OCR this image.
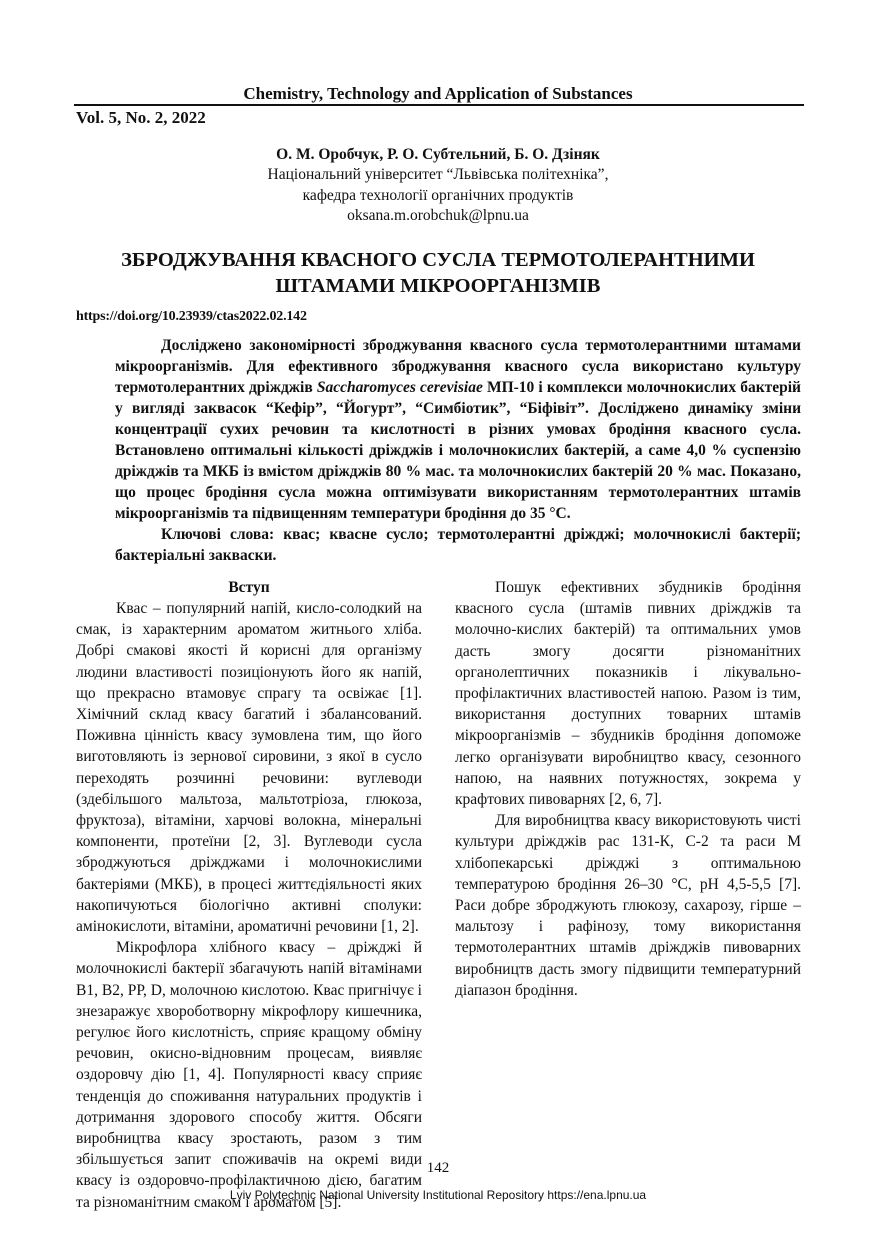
Chemistry, Technology and Application of Substances
Vol. 5, No. 2, 2022
О. М. Оробчук, Р. О. Субтельний, Б. О. Дзіняк
Національний університет “Львівська політехніка”,
кафедра технології органічних продуктів
oksana.m.orobchuk@lpnu.ua
ЗБРОДЖУВАННЯ КВАСНОГО СУСЛА ТЕРМОТОЛЕРАНТНИМИ
ШТАМАМИ МІКРООРГАНІЗМІВ
https://doi.org/10.23939/ctas2022.02.142

Досліджено закономірності зброджування квасного сусла термотолерантними штамами мікроорганізмів. Для ефективного зброджування квасного сусла використано культуру термотолерантних дріжджів Saccharomyces cerevisiae МП-10 і комплекси молочнокислих бактерій у вигляді заквасок “Кефір”, “Йогурт”, “Симбіотик”, “Біфівіт”. Досліджено динаміку зміни концентрації сухих речовин та кислотності в різних умовах бродіння квасного сусла. Встановлено оптимальні кількості дріжджів і молочнокислих бактерій, а саме 4,0 % суспензію дріжджів та МКБ із вмістом дріжджів 80 % мас. та молочнокислих бактерій 20 % мас. Показано, що процес бродіння сусла можна оптимізувати використанням термотолерантних штамів мікроорганізмів та підвищенням температури бродіння до 35 °С.

Ключові слова: квас; квасне сусло; термотолерантні дріжджі; молочнокислі бактерії; бактеріальні закваски.

Вступ

Квас – популярний напій, кисло-солодкий на смак, із характерним ароматом житнього хліба. Добрі смакові якості й корисні для організму людини властивості позиціонують його як напій, що прекрасно втамовує спрагу та освіжає [1]. Хімічний склад квасу багатий і збалансований. Поживна цінність квасу зумовлена тим, що його виготовляють із зернової сировини, з якої в сусло переходять розчинні речовини: вуглеводи (здебільшого мальтоза, мальтотріоза, глюкоза, фруктоза), вітаміни, харчові волокна, мінеральні компоненти, протеїни [2, 3]. Вуглеводи сусла зброджуються дріжджами і молочнокислими бактеріями (МКБ), в процесі життєдіяльності яких накопичуються біологічно активні сполуки: амінокислоти, вітаміни, ароматичні речовини [1, 2].

Мікрофлора хлібного квасу – дріжджі й молочнокислі бактерії збагачують напій вітамінами В1, В2, РР, D, молочною кислотою. Квас пригнічує і знезаражує хвороботворну мікрофлору кишечника, регулює його кислотність, сприяє кращому обміну речовин, окисно-відновним процесам, виявляє оздоровчу дію [1, 4]. Популярності квасу сприяє тенденція до споживання натуральних продуктів і дотримання здорового способу життя. Обсяги виробництва квасу зростають, разом з тим збільшується запит споживачів на окремі види квасу із оздоровчо-профілактичною дією, багатим та різноманітним смаком і ароматом [5].

Пошук ефективних збудників бродіння квасного сусла (штамів пивних дріжджів та молочно-кислих бактерій) та оптимальних умов дасть змогу досягти різноманітних органолептичних показників і лікувально-профілактичних властивостей напою. Разом із тим, використання доступних товарних штамів мікроорганізмів – збудників бродіння допоможе легко організувати виробництво квасу, сезонного напою, на наявних потужностях, зокрема у крафтових пивоварнях [2, 6, 7].

Для виробництва квасу використовують чисті культури дріжджів рас 131-К, С-2 та раси М хлібопекарські дріжджі з оптимальною температурою бродіння 26–30 °С, рН 4,5-5,5 [7]. Раси добре зброджують глюкозу, сахарозу, гірше – мальтозу і рафінозу, тому використання термотолерантних штамів дріжджів пивоварних виробництв дасть змогу підвищити температурний діапазон бродіння.

142
Lviv Polytechnic National University Institutional Repository https://ena.lpnu.ua
